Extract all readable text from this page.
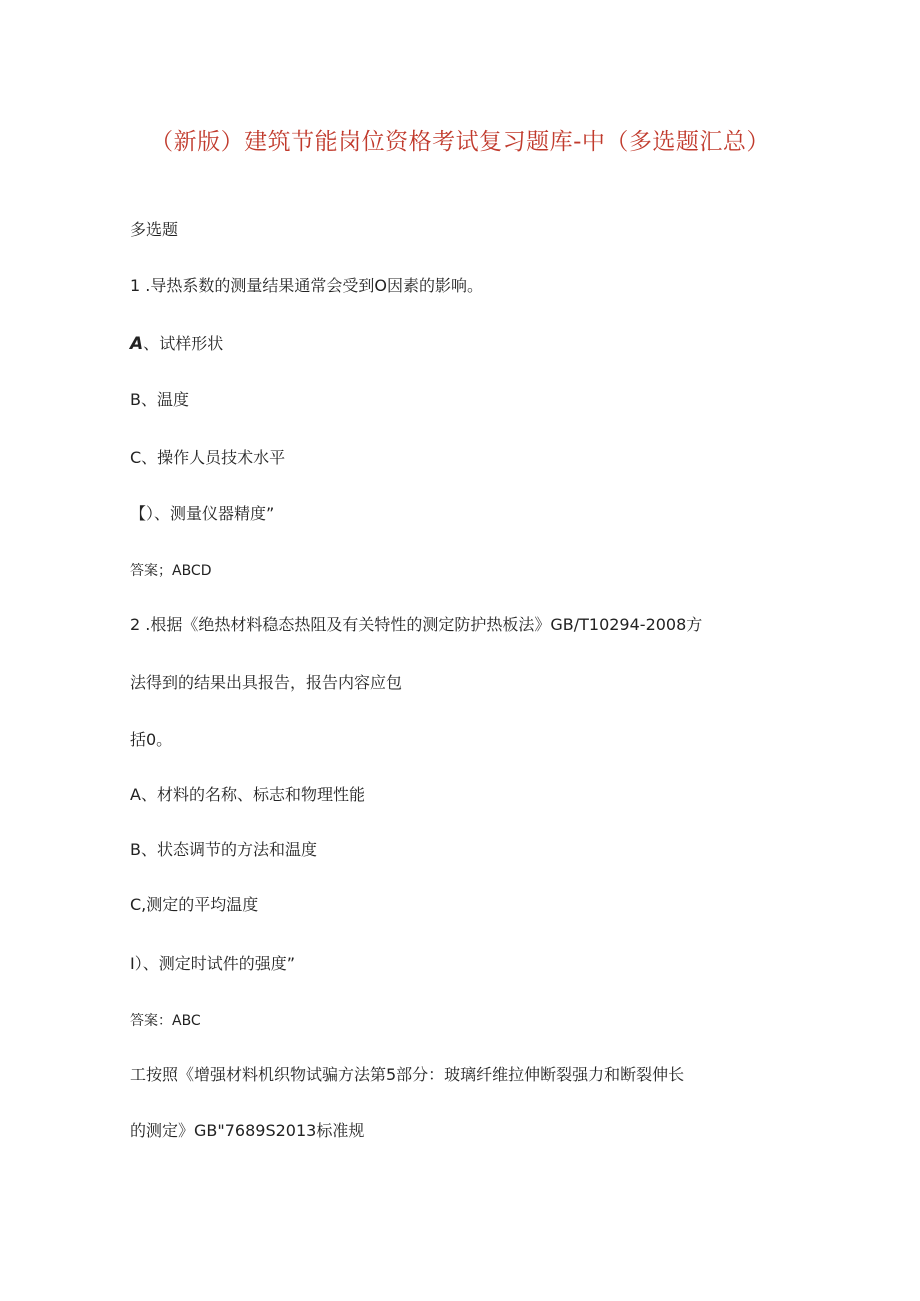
（新版）建筑节能岗位资格考试复习题库-中（多选题汇总）
多选题
1 .导热系数的测量结果通常会受到O因素的影响。
A、试样形状
B、温度
C、操作人员技术水平
【）、测量仪器精度”
答案；ABCD
2 .根据《绝热材料稳态热阻及有关特性的测定防护热板法》GB/T10294-2008方
法得到的结果出具报告，报告内容应包
括0。
A、材料的名称、标志和物理性能
B、状态调节的方法和温度
C,测定的平均温度
I）、测定时试件的强度”
答案：ABC
工按照《增强材料机织物试骗方法第5部分：玻璃纤维拉伸断裂强力和断裂伸长
的测定》GB"7689S2013标准规
